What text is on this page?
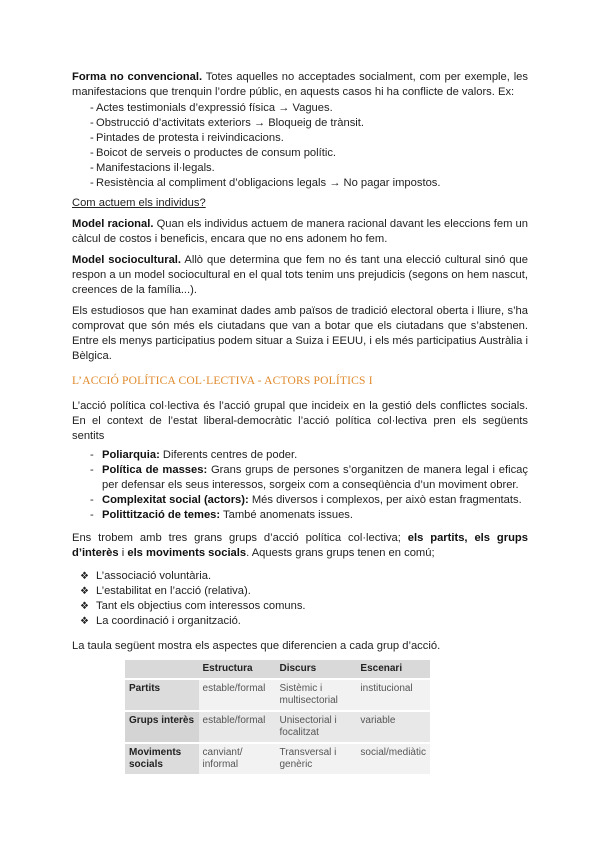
Forma no convencional. Totes aquelles no acceptades socialment, com per exemple, les manifestacions que trenquin l’ordre públic, en aquests casos hi ha conflicte de valors. Ex:

- Actes testimonials d’expressió física → Vagues.
- Obstrucció d’activitats exteriors → Bloqueig de trànsit.
- Pintades de protesta i reivindicacions.
- Boicot de serveis o productes de consum polític.
- Manifestacions il·legals.
- Resistència al compliment d’obligacions legals → No pagar impostos.

Com actuem els individus?

Model racional. Quan els individus actuem de manera racional davant les eleccions fem un càlcul de costos i beneficis, encara que no ens adonem ho fem.

Model sociocultural. Allò que determina que fem no és tant una elecció cultural sinó que respon a un model sociocultural en el qual tots tenim uns prejudicis (segons on hem nascut, creences de la família...).

Els estudiosos que han examinat dades amb països de tradició electoral oberta i lliure, s’ha comprovat que són més els ciutadans que van a botar que els ciutadans que s’abstenen. Entre els menys participatius podem situar a Suiza i EEUU, i els més participatius Austràlia i Bèlgica.

L’ACCIÓ POLÍTICA COL·LECTIVA - ACTORS POLÍTICS I

L’acció política col·lectiva és l’acció grupal que incideix en la gestió dels conflictes socials. En el context de l’estat liberal-democràtic l’acció política col·lectiva pren els següents sentits

- Poliarquia: Diferents centres de poder.
- Política de masses: Grans grups de persones s’organitzen de manera legal i eficaç per defensar els seus interessos, sorgeix com a conseqüència d’un moviment obrer.
- Complexitat social (actors): Més diversos i complexos, per això estan fragmentats.
- Polittització de temes: També anomenats issues.

Ens trobem amb tres grans grups d’acció política col·lectiva; els partits, els grups d’interès i els moviments socials. Aquests grans grups tenen en comú;

❖ L’associació voluntària.
❖ L’estabilitat en l’acció (relativa).
❖ Tant els objectius com interessos comuns.
❖ La coordinació i organització.

La taula següent mostra els aspectes que diferencien a cada grup d’acció.

	Estructura	Discurs	Escenari
Partits	estable/formal	Sistèmic i multisectorial	institucional
Grups interès	estable/formal	Unisectorial i focalitzat	variable
Moviments socials	canviant/ informal	Transversal i genèric	social/mediàtic
